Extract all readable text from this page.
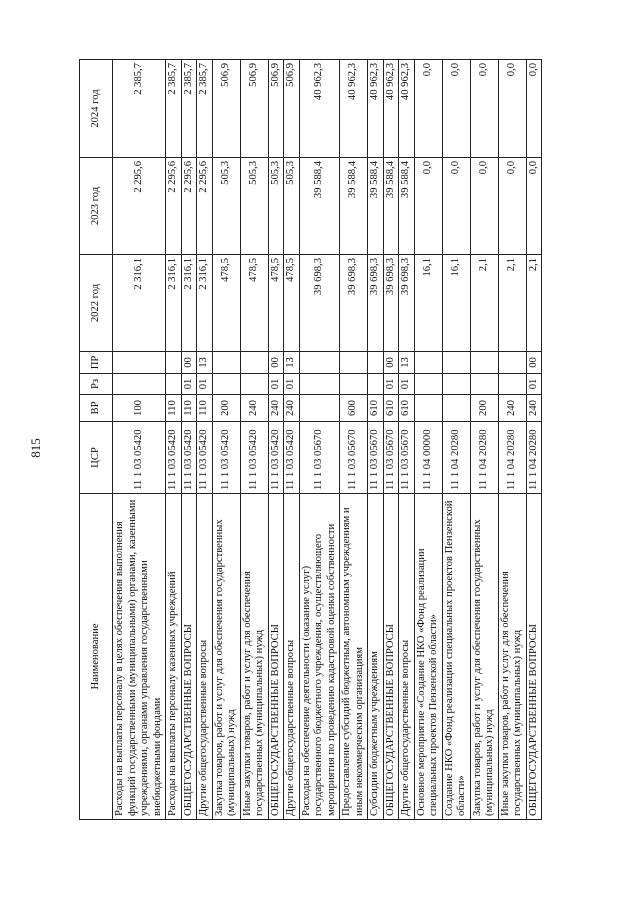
815
Наименование	ЦСР	ВР	Рз	ПР	2022 год	2023 год	2024 год
Расходы на выплаты персоналу в целях обеспечения выполнения функций государственными (муниципальными) органами, казенными учреждениями, органами управления государственными внебюджетными фондами	11 1 03 05420	100			2 316,1	2 295,6	2 385,7
Расходы на выплаты персоналу казенных учреждений	11 1 03 05420	110			2 316,1	2 295,6	2 385,7
ОБЩЕГОСУДАРСТВЕННЫЕ ВОПРОСЫ	11 1 03 05420	110	01	00	2 316,1	2 295,6	2 385,7
Другие общегосударственные вопросы	11 1 03 05420	110	01	13	2 316,1	2 295,6	2 385,7
Закупка товаров, работ и услуг для обеспечения государственных (муниципальных) нужд	11 1 03 05420	200			478,5	505,3	506,9
Иные закупки товаров, работ и услуг для обеспечения государственных (муниципальных) нужд	11 1 03 05420	240			478,5	505,3	506,9
ОБЩЕГОСУДАРСТВЕННЫЕ ВОПРОСЫ	11 1 03 05420	240	01	00	478,5	505,3	506,9
Другие общегосударственные вопросы	11 1 03 05420	240	01	13	478,5	505,3	506,9
Расходы на обеспечение деятельности (оказание услуг) государственного бюджетного учреждения, осуществляющего мероприятия по проведению кадастровой оценки собственности	11 1 03 05670				39 698,3	39 588,4	40 962,3
Предоставление субсидий бюджетным, автономным учреждениям и иным некоммерческим организациям	11 1 03 05670	600			39 698,3	39 588,4	40 962,3
Субсидии бюджетным учреждениям	11 1 03 05670	610			39 698,3	39 588,4	40 962,3
ОБЩЕГОСУДАРСТВЕННЫЕ ВОПРОСЫ	11 1 03 05670	610	01	00	39 698,3	39 588,4	40 962,3
Другие общегосударственные вопросы	11 1 03 05670	610	01	13	39 698,3	39 588,4	40 962,3
Основное мероприятие «Создание НКО «Фонд реализации специальных проектов Пензенской области»	11 1 04 00000				16,1	0,0	0,0
Создание НКО «Фонд реализации специальных проектов Пензенской области»	11 1 04 20280				16,1	0,0	0,0
Закупка товаров, работ и услуг для обеспечения государственных (муниципальных) нужд	11 1 04 20280	200			2,1	0,0	0,0
Иные закупки товаров, работ и услуг для обеспечения государственных (муниципальных) нужд	11 1 04 20280	240			2,1	0,0	0,0
ОБЩЕГОСУДАРСТВЕННЫЕ ВОПРОСЫ	11 1 04 20280	240	01	00	2,1	0,0	0,0
